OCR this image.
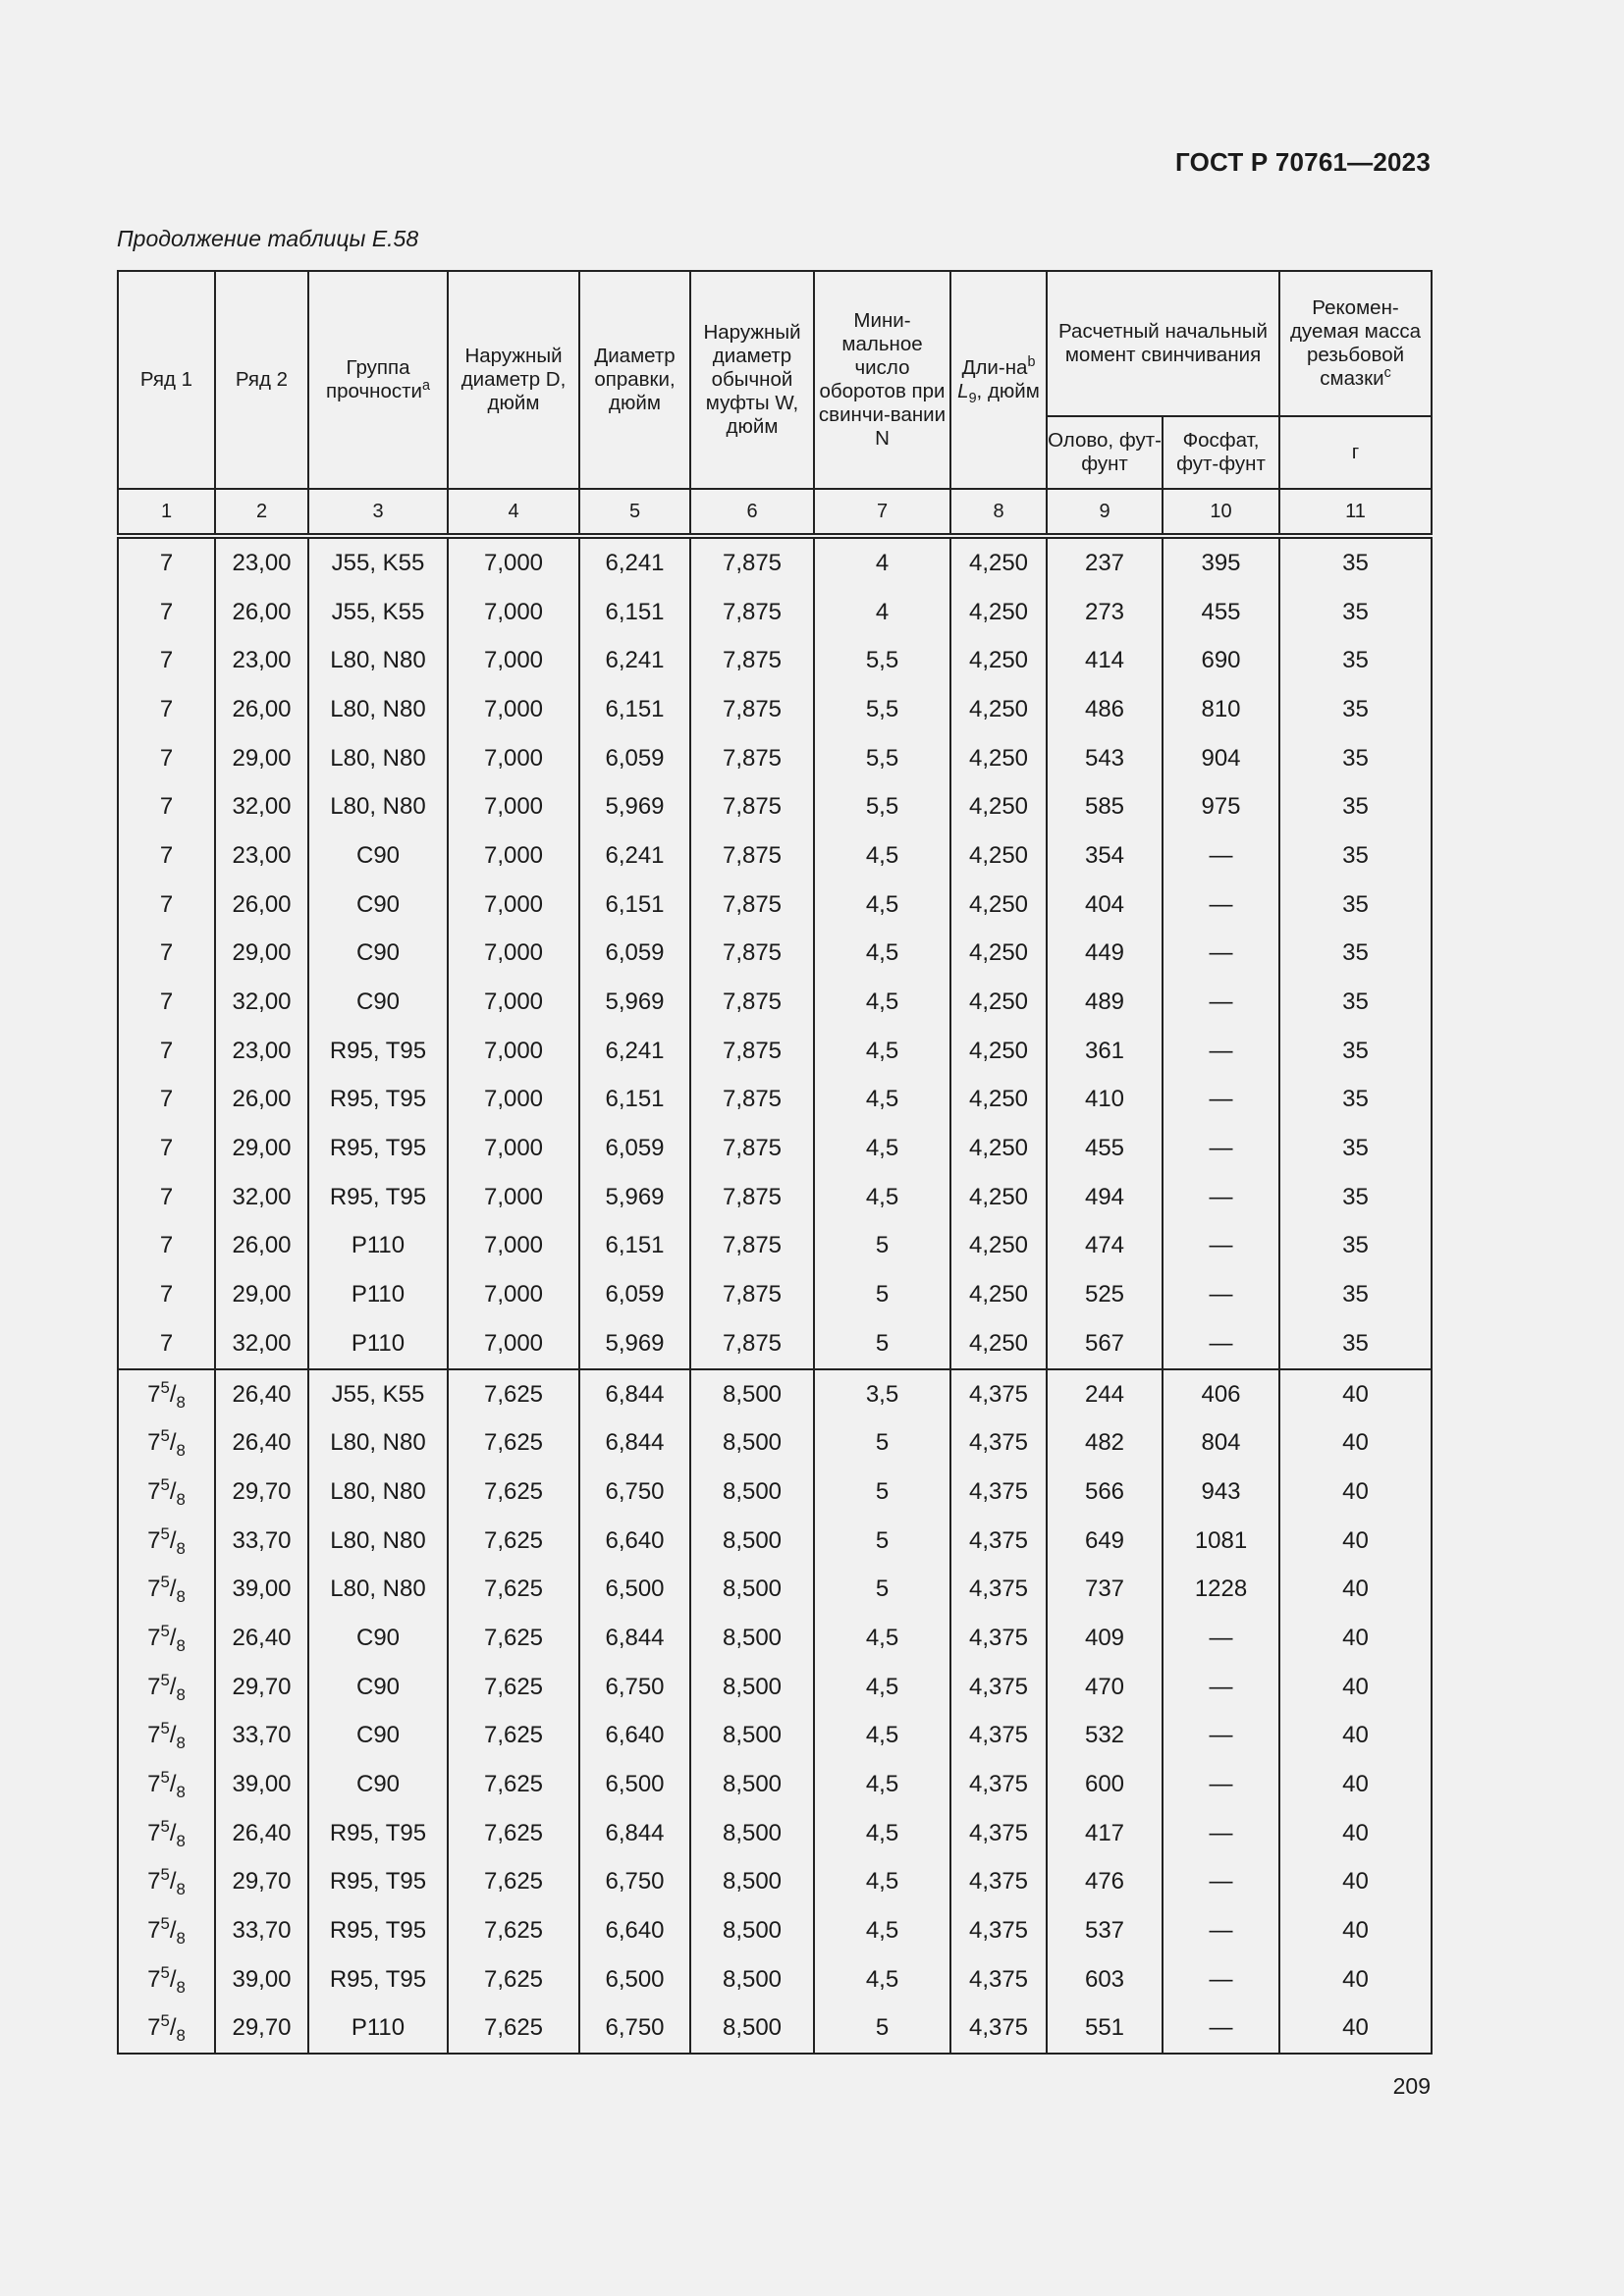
ГОСТ Р 70761—2023
Продолжение таблицы Е.58
Ряд 1	Ряд 2	Группа прочности$^a$	Наружный диаметр D, дюйм	Диаметр оправки, дюйм	Наружный диаметр обычной муфты W, дюйм	Мини-мальное число оборотов при свинчи-вании N	Дли-$на^b$ $L_9$, дюйм	Расчетный начальный момент свинчивания		Рекомен-дуемая масса резьбовой смазки$^c$
								Олово, фут-фунт	Фосфат, фут-фунт	г
1	2	3	4	5	6	7	8	9	10	11
7	23,00	J55, K55	7,000	6,241	7,875	4	4,250	237	395	35
7	26,00	J55, K55	7,000	6,151	7,875	4	4,250	273	455	35
7	23,00	L80, N80	7,000	6,241	7,875	5,5	4,250	414	690	35
7	26,00	L80, N80	7,000	6,151	7,875	5,5	4,250	486	810	35
7	29,00	L80, N80	7,000	6,059	7,875	5,5	4,250	543	904	35
7	32,00	L80, N80	7,000	5,969	7,875	5,5	4,250	585	975	35
7	23,00	C90	7,000	6,241	7,875	4,5	4,250	354	—	35
7	26,00	C90	7,000	6,151	7,875	4,5	4,250	404	—	35
7	29,00	C90	7,000	6,059	7,875	4,5	4,250	449	—	35
7	32,00	C90	7,000	5,969	7,875	4,5	4,250	489	—	35
7	23,00	R95, T95	7,000	6,241	7,875	4,5	4,250	361	—	35
7	26,00	R95, T95	7,000	6,151	7,875	4,5	4,250	410	—	35
7	29,00	R95, T95	7,000	6,059	7,875	4,5	4,250	455	—	35
7	32,00	R95, T95	7,000	5,969	7,875	4,5	4,250	494	—	35
7	26,00	P110	7,000	6,151	7,875	5	4,250	474	—	35
7	29,00	P110	7,000	6,059	7,875	5	4,250	525	—	35
7	32,00	P110	7,000	5,969	7,875	5	4,250	567	—	35
$7^5/_8$	26,40	J55, K55	7,625	6,844	8,500	3,5	4,375	244	406	40
$7^5/_8$	26,40	L80, N80	7,625	6,844	8,500	5	4,375	482	804	40
$7^5/_8$	29,70	L80, N80	7,625	6,750	8,500	5	4,375	566	943	40
$7^5/_8$	33,70	L80, N80	7,625	6,640	8,500	5	4,375	649	1081	40
$7^5/_8$	39,00	L80, N80	7,625	6,500	8,500	5	4,375	737	1228	40
$7^5/_8$	26,40	C90	7,625	6,844	8,500	4,5	4,375	409	—	40
$7^5/_8$	29,70	C90	7,625	6,750	8,500	4,5	4,375	470	—	40
$7^5/_8$	33,70	C90	7,625	6,640	8,500	4,5	4,375	532	—	40
$7^5/_8$	39,00	C90	7,625	6,500	8,500	4,5	4,375	600	—	40
$7^5/_8$	26,40	R95, T95	7,625	6,844	8,500	4,5	4,375	417	—	40
$7^5/_8$	29,70	R95, T95	7,625	6,750	8,500	4,5	4,375	476	—	40
$7^5/_8$	33,70	R95, T95	7,625	6,640	8,500	4,5	4,375	537	—	40
$7^5/_8$	39,00	R95, T95	7,625	6,500	8,500	4,5	4,375	603	—	40
$7^5/_8$	29,70	P110	7,625	6,750	8,500	5	4,375	551	—	40
209
